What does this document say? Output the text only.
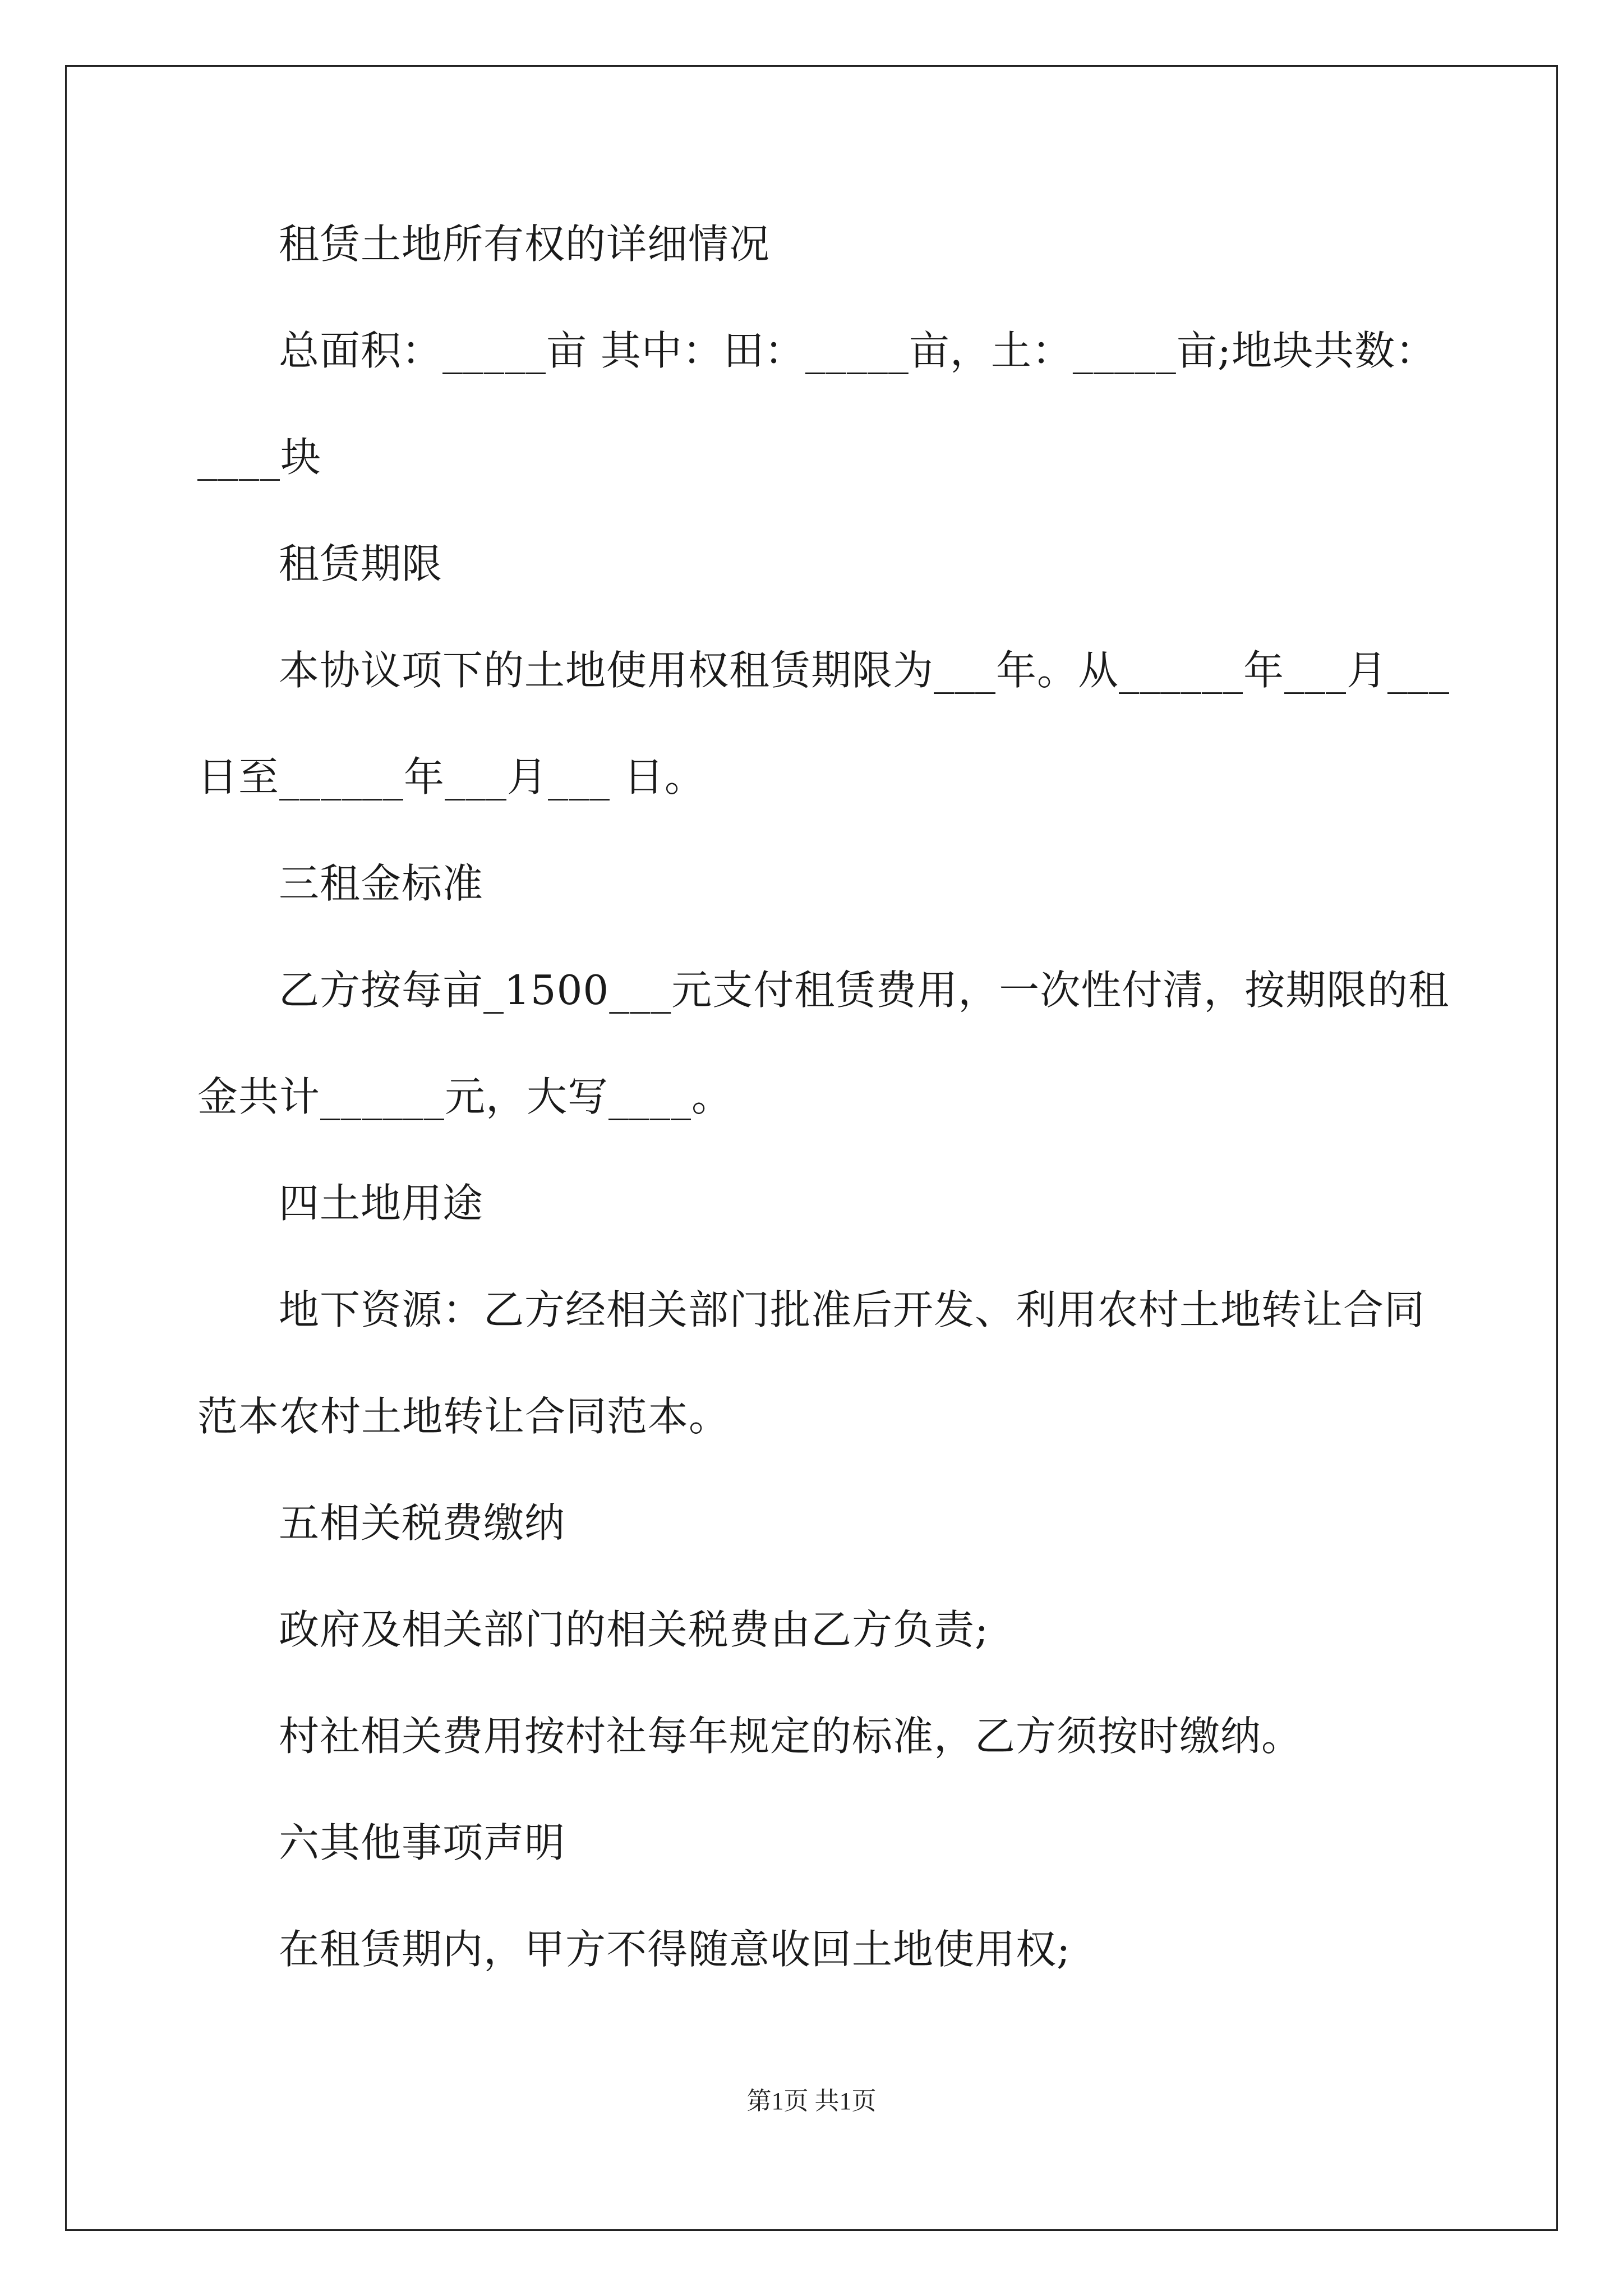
租赁土地所有权的详细情况
总面积：_____亩 其中：田：_____亩，土：_____亩;地块共数：
____块
租赁期限
本协议项下的土地使用权租赁期限为___年。从______年___月___
日至______年___月___ 日。
三租金标准
乙方按每亩_1500___元支付租赁费用，一次性付清，按期限的租
金共计______元，大写____。
四土地用途
地下资源：乙方经相关部门批准后开发、利用农村土地转让合同
范本农村土地转让合同范本。
五相关税费缴纳
政府及相关部门的相关税费由乙方负责;
村社相关费用按村社每年规定的标准，乙方须按时缴纳。
六其他事项声明
在租赁期内，甲方不得随意收回土地使用权;
第1页 共1页
